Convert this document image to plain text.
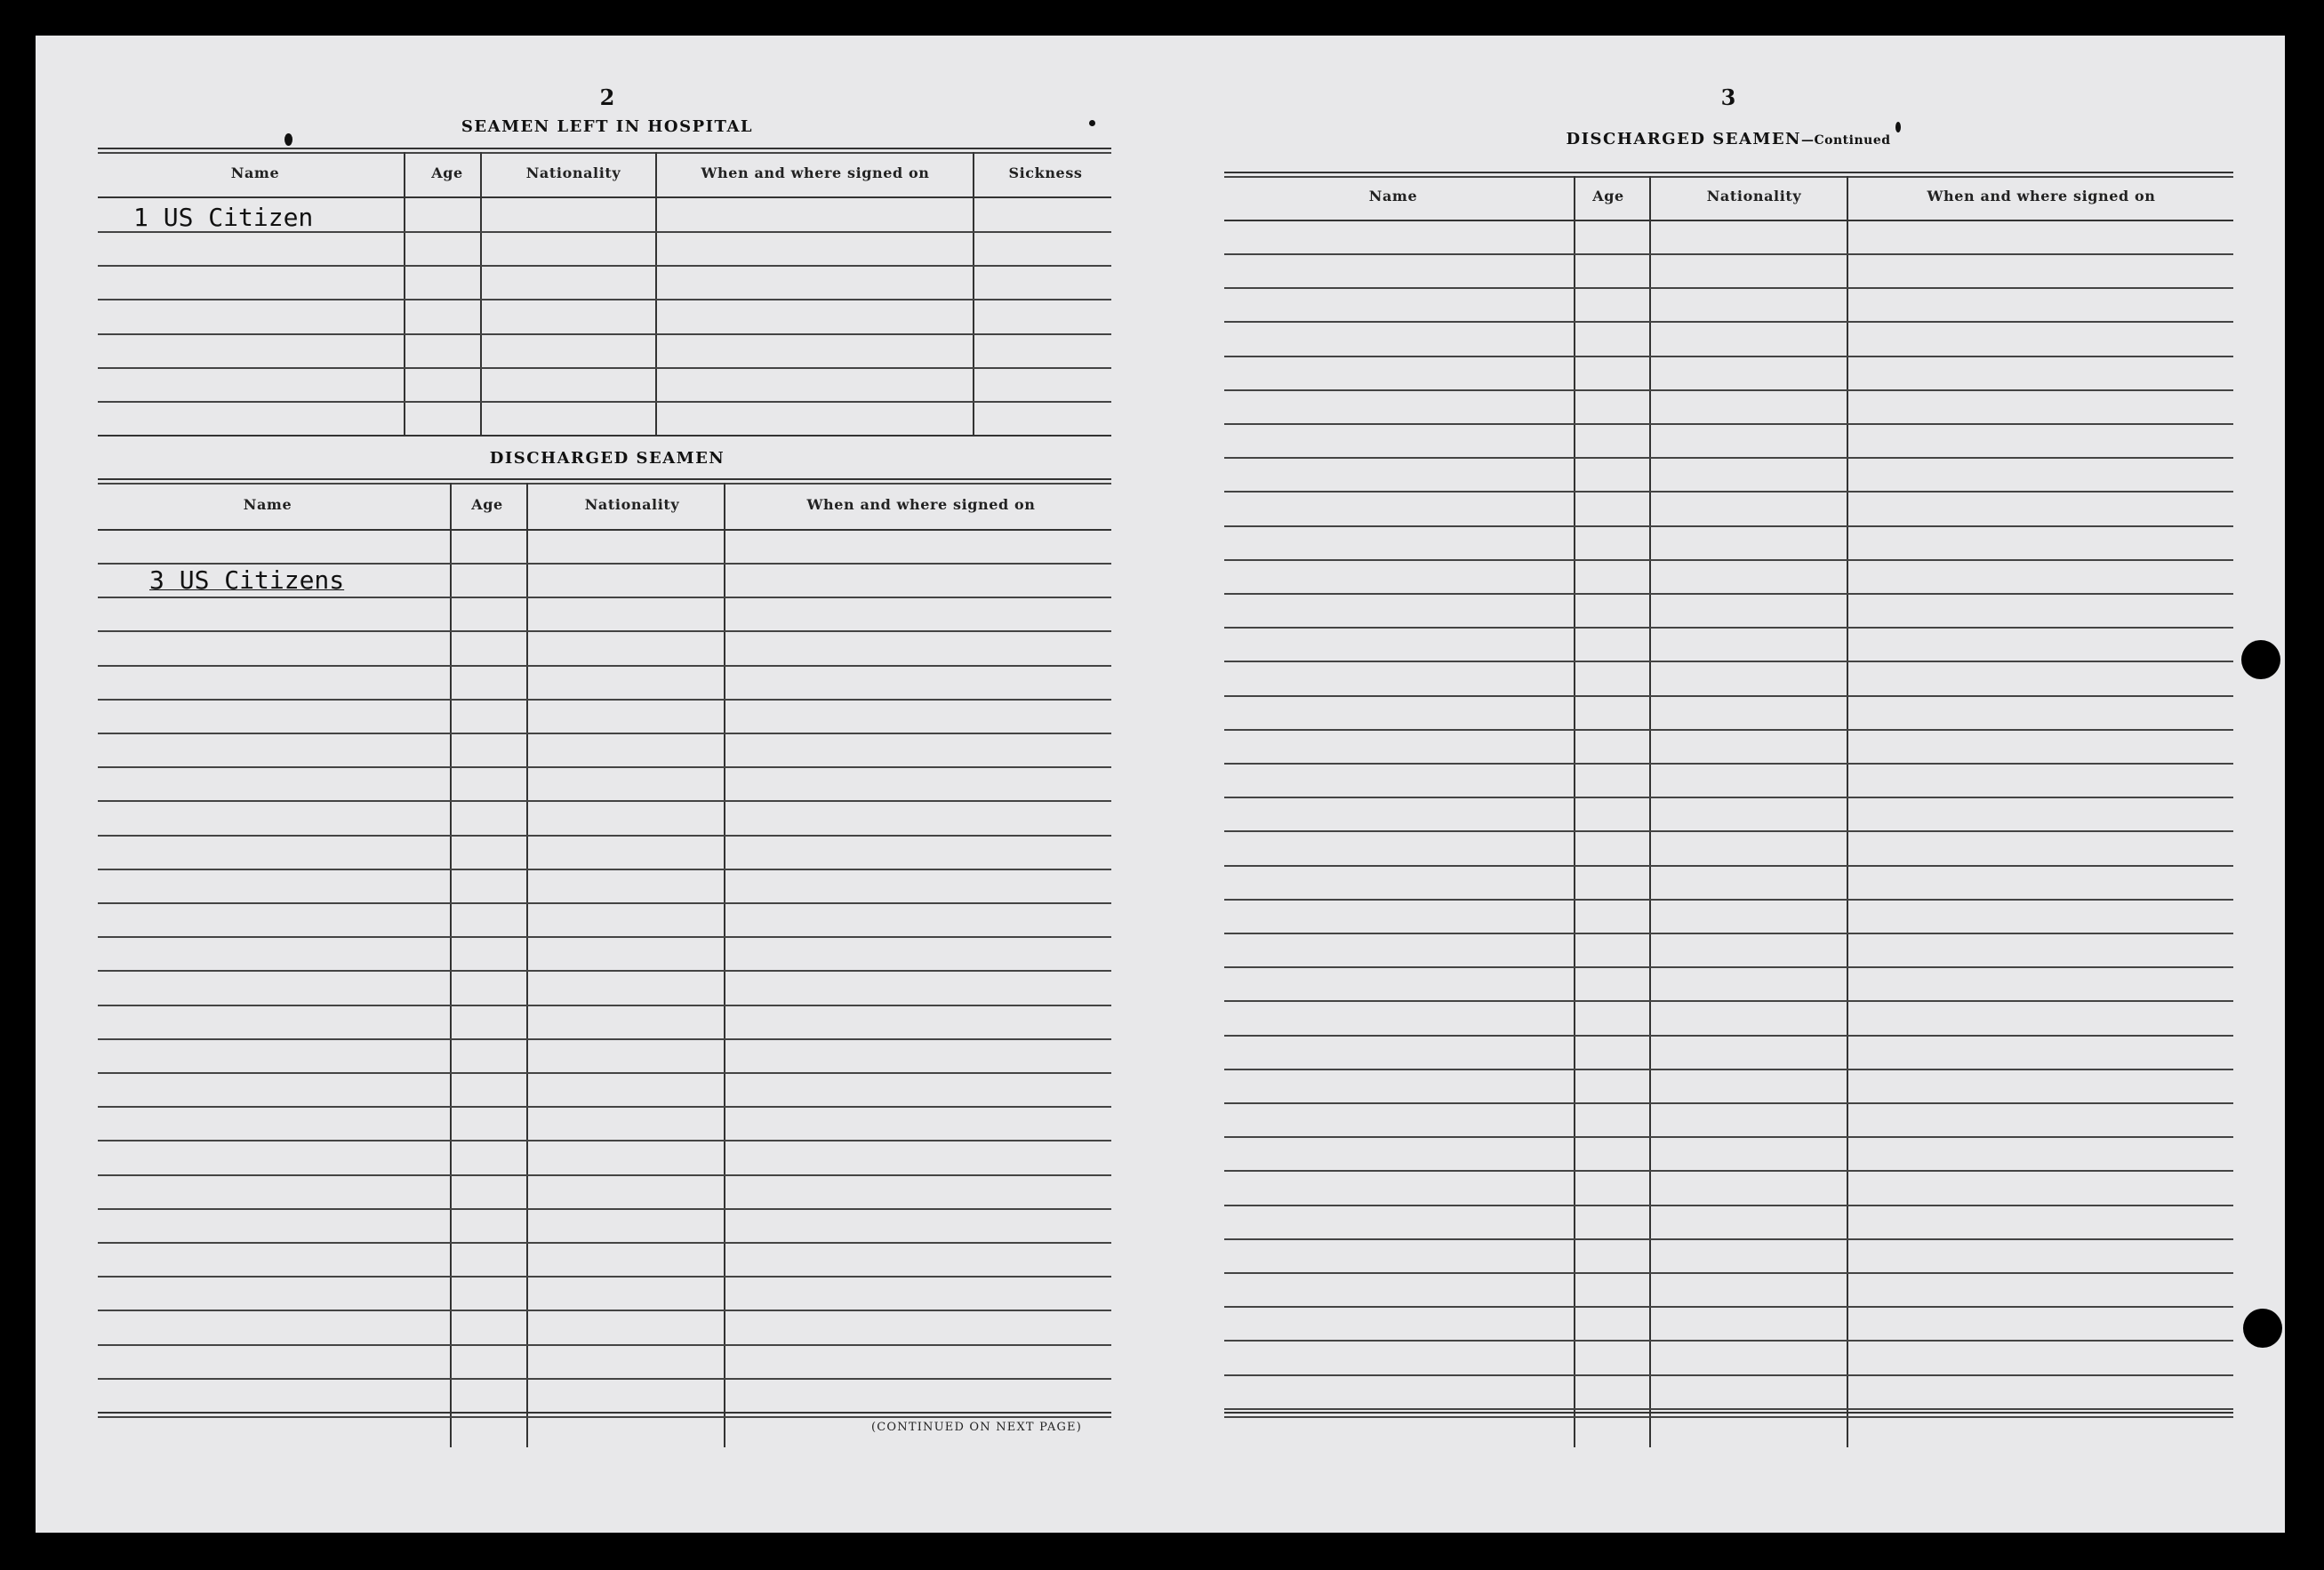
2
SEAMEN LEFT IN HOSPITAL
Name	Age	Nationality	When and where signed on	Sickness
1 US Citizen
DISCHARGED SEAMEN
Name	Age	Nationality	When and where signed on
3 US Citizens
(CONTINUED ON NEXT PAGE)
3
DISCHARGED SEAMEN—Continued
Name	Age	Nationality	When and where signed on
